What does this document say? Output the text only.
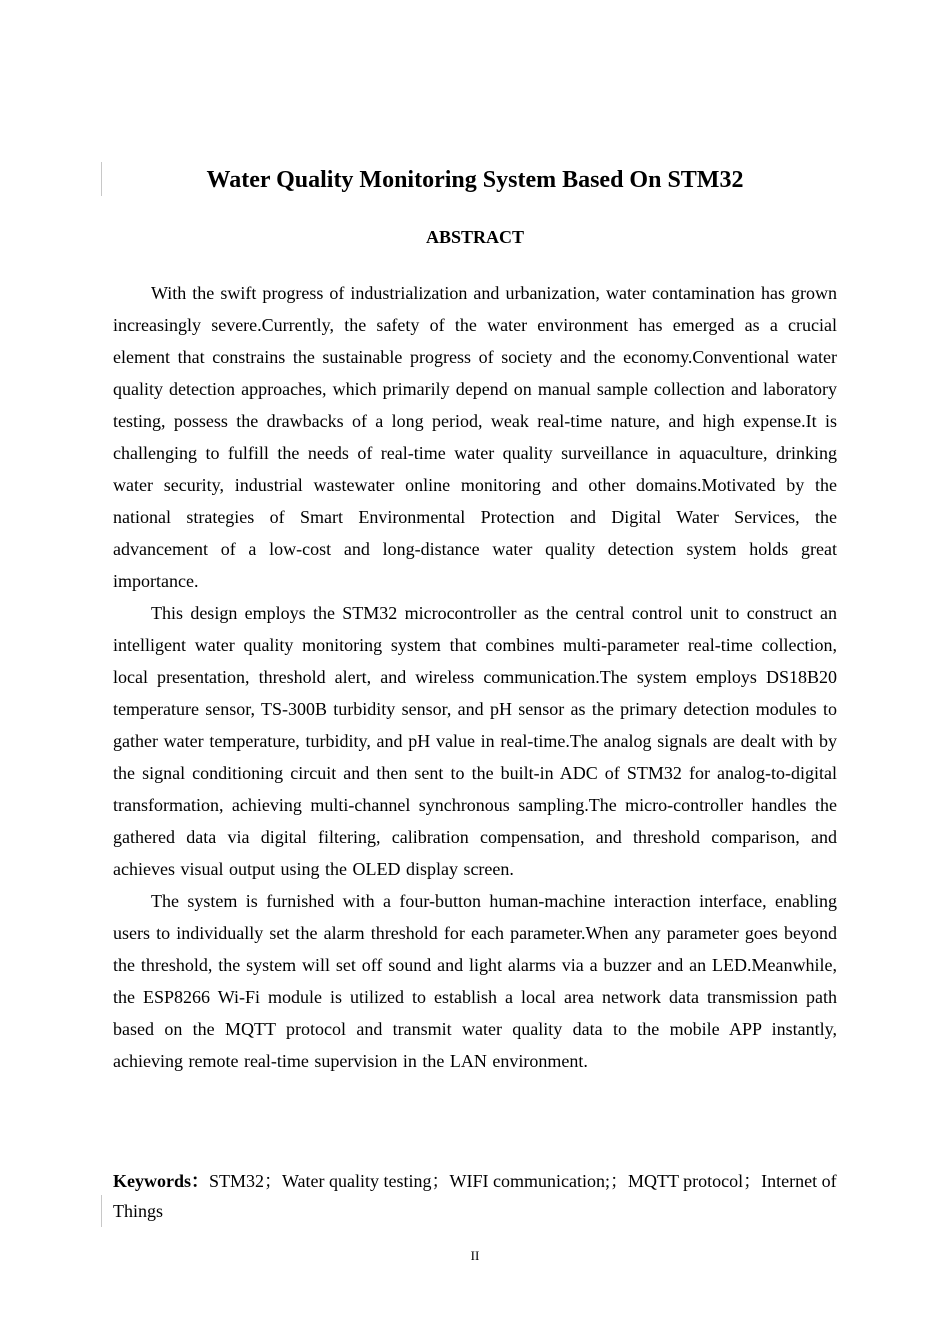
Water Quality Monitoring System Based On STM32
ABSTRACT

With the swift progress of industrialization and urbanization, water contamination has grown increasingly severe.Currently, the safety of the water environment has emerged as a crucial element that constrains the sustainable progress of society and the economy.Conventional water quality detection approaches, which primarily depend on manual sample collection and laboratory testing, possess the drawbacks of a long period, weak real-time nature, and high expense.It is challenging to fulfill the needs of real-time water quality surveillance in aquaculture, drinking water security, industrial wastewater online monitoring and other domains.Motivated by the national strategies of Smart Environmental Protection and Digital Water Services, the advancement of a low-cost and long-distance water quality detection system holds great importance.

This design employs the STM32 microcontroller as the central control unit to construct an intelligent water quality monitoring system that combines multi-parameter real-time collection, local presentation, threshold alert, and wireless communication.The system employs DS18B20 temperature sensor, TS-300B turbidity sensor, and pH sensor as the primary detection modules to gather water temperature, turbidity, and pH value in real-time.The analog signals are dealt with by the signal conditioning circuit and then sent to the built-in ADC of STM32 for analog-to-digital transformation, achieving multi-channel synchronous sampling.The micro-controller handles the gathered data via digital filtering, calibration compensation, and threshold comparison, and achieves visual output using the OLED display screen.

The system is furnished with a four-button human-machine interaction interface, enabling users to individually set the alarm threshold for each parameter.When any parameter goes beyond the threshold, the system will set off sound and light alarms via a buzzer and an LED.Meanwhile, the ESP8266 Wi-Fi module is utilized to establish a local area network data transmission path based on the MQTT protocol and transmit water quality data to the mobile APP instantly, achieving remote real-time supervision in the LAN environment.

Keywords：STM32；Water quality testing；WIFI communication;；MQTT protocol；Internet of Things
II
